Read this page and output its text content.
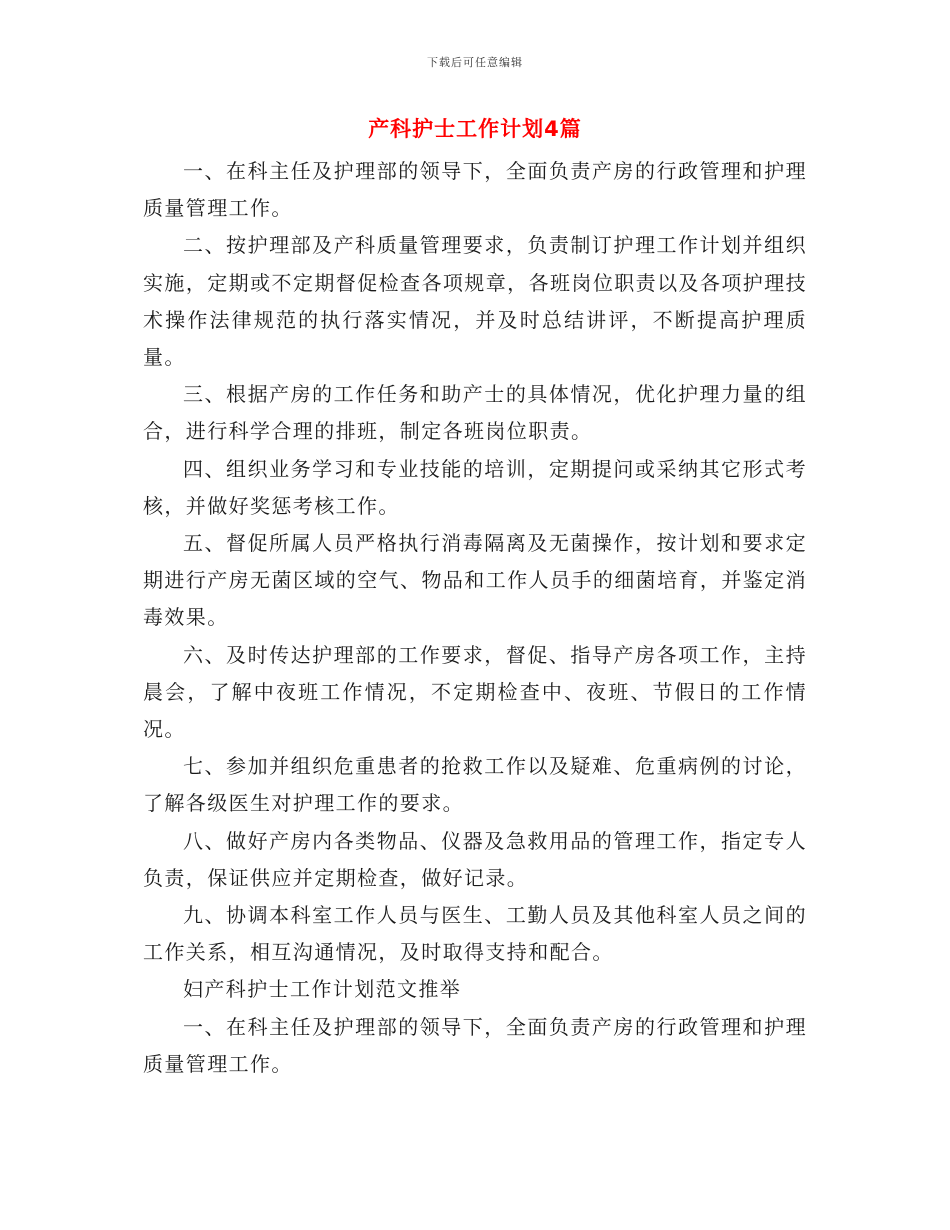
下载后可任意编辑
产科护士工作计划4篇

一、在科主任及护理部的领导下，全面负责产房的行政管理和护理质量管理工作。

二、按护理部及产科质量管理要求，负责制订护理工作计划并组织实施，定期或不定期督促检查各项规章，各班岗位职责以及各项护理技术操作法律规范的执行落实情况，并及时总结讲评，不断提高护理质量。

三、根据产房的工作任务和助产士的具体情况，优化护理力量的组合，进行科学合理的排班，制定各班岗位职责。

四、组织业务学习和专业技能的培训，定期提问或采纳其它形式考核，并做好奖惩考核工作。

五、督促所属人员严格执行消毒隔离及无菌操作，按计划和要求定期进行产房无菌区域的空气、物品和工作人员手的细菌培育，并鉴定消毒效果。

六、及时传达护理部的工作要求，督促、指导产房各项工作，主持晨会，了解中夜班工作情况，不定期检查中、夜班、节假日的工作情况。

七、参加并组织危重患者的抢救工作以及疑难、危重病例的讨论，了解各级医生对护理工作的要求。

八、做好产房内各类物品、仪器及急救用品的管理工作，指定专人负责，保证供应并定期检查，做好记录。

九、协调本科室工作人员与医生、工勤人员及其他科室人员之间的工作关系，相互沟通情况，及时取得支持和配合。

妇产科护士工作计划范文推举

一、在科主任及护理部的领导下，全面负责产房的行政管理和护理质量管理工作。
